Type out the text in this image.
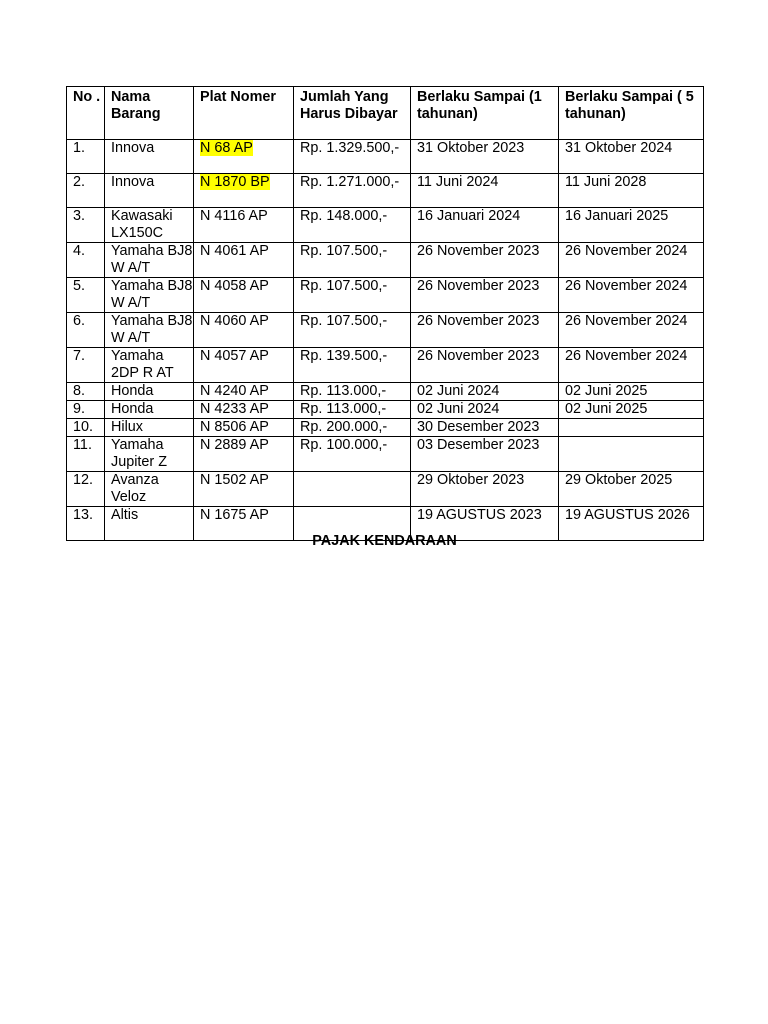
No .	Nama Barang	Plat Nomer	Jumlah Yang Harus Dibayar	Berlaku Sampai (1 tahunan)	Berlaku Sampai ( 5 tahunan)
1.	Innova	N 68 AP	Rp. 1.329.500,-	31 Oktober 2023	31 Oktober 2024
2.	Innova	N 1870 BP	Rp. 1.271.000,-	11 Juni 2024	11 Juni 2028
3.	Kawasaki LX150C	N 4116 AP	Rp. 148.000,-	16 Januari 2024	16 Januari 2025
4.	Yamaha BJ8 W A/T	N 4061 AP	Rp. 107.500,-	26 November 2023	26 November 2024
5.	Yamaha BJ8 W A/T	N 4058 AP	Rp. 107.500,-	26 November 2023	26 November 2024
6.	Yamaha BJ8 W A/T	N 4060 AP	Rp. 107.500,-	26 November 2023	26 November 2024
7.	Yamaha 2DP R AT	N 4057 AP	Rp. 139.500,-	26 November 2023	26 November 2024
8.	Honda	N 4240 AP	Rp. 113.000,-	02 Juni 2024	02 Juni 2025
9.	Honda	N 4233 AP	Rp. 113.000,-	02 Juni 2024	02 Juni 2025
10.	Hilux	N 8506 AP	Rp. 200.000,-	30 Desember 2023	
11.	Yamaha Jupiter Z	N 2889 AP	Rp. 100.000,-	03 Desember 2023	
12.	Avanza Veloz	N 1502 AP		29 Oktober 2023	29 Oktober 2025
13.	Altis	N 1675 AP		19 AGUSTUS 2023	19 AGUSTUS 2026
PAJAK KENDARAAN
